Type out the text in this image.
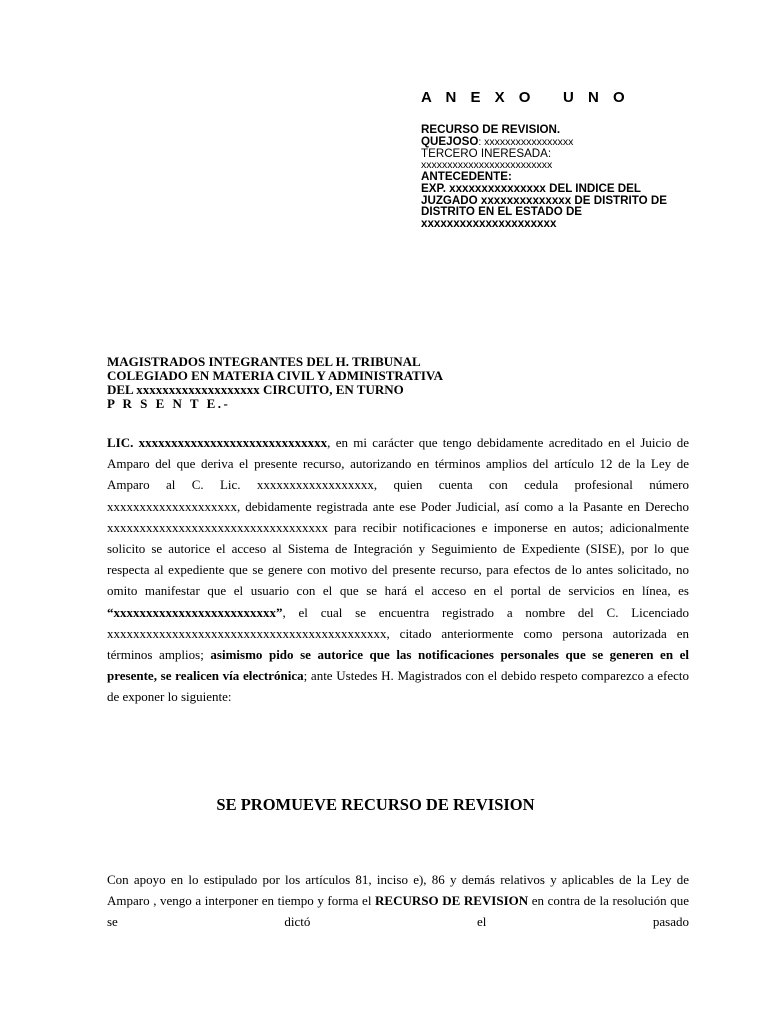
A N E X O   U N O
RECURSO DE REVISION.
QUEJOSO: xxxxxxxxxxxxxxxxx
TERCERO INERESADA:
xxxxxxxxxxxxxxxxxxxxxxxxx
ANTECEDENTE:
EXP. xxxxxxxxxxxxxxx DEL INDICE DEL
JUZGADO xxxxxxxxxxxxxx DE DISTRITO DE
DISTRITO EN EL ESTADO DE
xxxxxxxxxxxxxxxxxxxxx
MAGISTRADOS INTEGRANTES DEL H. TRIBUNAL
COLEGIADO EN MATERIA CIVIL Y ADMINISTRATIVA
DEL xxxxxxxxxxxxxxxxxxx CIRCUITO, EN TURNO
P R S E N T E.-
LIC. xxxxxxxxxxxxxxxxxxxxxxxxxxxxx, en mi carácter que tengo debidamente acreditado en el Juicio de Amparo del que deriva el presente recurso, autorizando en términos amplios del artículo 12 de la Ley de Amparo al C. Lic. xxxxxxxxxxxxxxxxxx, quien cuenta con cedula profesional número xxxxxxxxxxxxxxxxxxxx, debidamente registrada ante ese Poder Judicial, así como a la Pasante en Derecho xxxxxxxxxxxxxxxxxxxxxxxxxxxxxxxxxx para recibir notificaciones e imponerse en autos; adicionalmente solicito se autorice el acceso al Sistema de Integración y Seguimiento de Expediente (SISE), por lo que respecta al expediente que se genere con motivo del presente recurso, para efectos de lo antes solicitado, no omito manifestar que el usuario con el que se hará el acceso en el portal de servicios en línea, es “xxxxxxxxxxxxxxxxxxxxxxxxx”, el cual se encuentra registrado a nombre del C. Licenciado xxxxxxxxxxxxxxxxxxxxxxxxxxxxxxxxxxxxxxxxxxx, citado anteriormente como persona autorizada en términos amplios; asimismo pido se autorice que las notificaciones personales que se generen en el presente, se realicen vía electrónica; ante Ustedes H. Magistrados con el debido respeto comparezco a efecto de exponer lo siguiente:
SE PROMUEVE RECURSO DE REVISION
Con apoyo en lo estipulado por los artículos 81, inciso e), 86 y demás relativos y aplicables de la Ley de Amparo , vengo a interponer en tiempo y forma el RECURSO DE REVISION en contra de la resolución que se dictó el pasado
